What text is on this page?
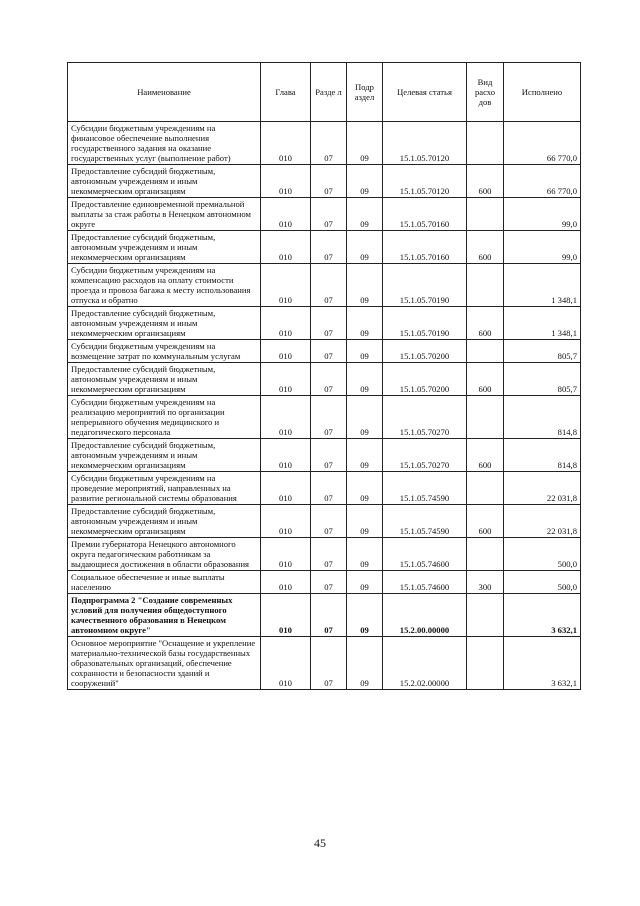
Наименование	Глава	Разде л	Подр аздел	Целевая статья	Вид расхо дов	Исполнено
Субсидии бюджетным учреждениям на финансовое обеспечение выполнения государственного задания на оказание государственных услуг (выполнение работ)	010	07	09	15.1.05.70120		66 770,0
Предоставление субсидий бюджетным, автономным учреждениям и иным некоммерческим организациям	010	07	09	15.1.05.70120	600	66 770,0
Предоставление единовременной премиальной выплаты за стаж работы в Ненецком автономном округе	010	07	09	15.1.05.70160		99,0
Предоставление субсидий бюджетным, автономным учреждениям и иным некоммерческим организациям	010	07	09	15.1.05.70160	600	99,0
Субсидии бюджетным учреждениям на компенсацию расходов на оплату стоимости проезда и провоза багажа к месту использования отпуска и обратно	010	07	09	15.1.05.70190		1 348,1
Предоставление субсидий бюджетным, автономным учреждениям и иным некоммерческим организациям	010	07	09	15.1.05.70190	600	1 348,1
Субсидии бюджетным учреждениям на возмещение затрат по коммунальным услугам	010	07	09	15.1.05.70200		805,7
Предоставление субсидий бюджетным, автономным учреждениям и иным некоммерческим организациям	010	07	09	15.1.05.70200	600	805,7
Субсидии бюджетным учреждениям на реализацию мероприятий по организации непрерывного обучения медицинского и педагогического персонала	010	07	09	15.1.05.70270		814,8
Предоставление субсидий бюджетным, автономным учреждениям и иным некоммерческим организациям	010	07	09	15.1.05.70270	600	814,8
Субсидии бюджетным учреждениям на проведение мероприятий, направленных на развитие региональной системы образования	010	07	09	15.1.05.74590		22 031,8
Предоставление субсидий бюджетным, автономным учреждениям и иным некоммерческим организациям	010	07	09	15.1.05.74590	600	22 031,8
Премии губернатора Ненецкого автономного округа педагогическим работникам за выдающиеся достижения в области образования	010	07	09	15.1.05.74600		500,0
Социальное обеспечение и иные выплаты населению	010	07	09	15.1.05.74600	300	500,0
Подпрограмма 2 "Создание современных условий для получения общедоступного качественного образования в Ненецком автономном округе"	010	07	09	15.2.00.00000		3 632,1
Основное мероприятие "Оснащение и укрепление материально-технической базы государственных образовательных организаций, обеспечение сохранности и безопасности зданий и сооружений"	010	07	09	15.2.02.00000		3 632,1
45
